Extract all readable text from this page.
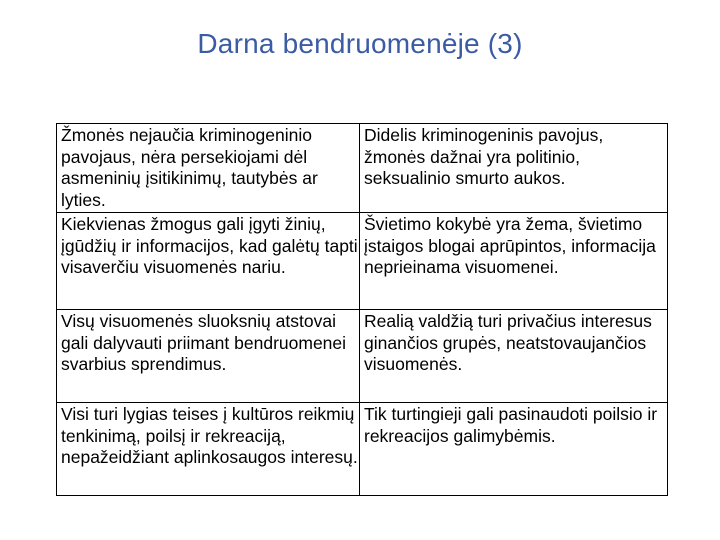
Darna bendruomenėje (3)
Žmonės nejaučia kriminogeninio pavojaus, nėra persekiojami dėl asmeninių įsitikinimų, tautybės ar lyties.	Didelis kriminogeninis pavojus, žmonės dažnai yra politinio, seksualinio smurto aukos.

Kiekvienas žmogus gali įgyti žinių, įgūdžių ir informacijos, kad galėtų tapti visaverčiu visuomenės nariu.	Švietimo kokybė yra žema, švietimo įstaigos blogai aprūpintos, informacija neprieinama visuomenei.

Visų visuomenės sluoksnių atstovai gali dalyvauti priimant bendruomenei svarbius sprendimus.	Realią valdžią turi privačius interesus ginančios grupės, neatstovaujančios visuomenės.

Visi turi lygias teises į kultūros reikmių tenkinimą, poilsį ir rekreaciją, nepažeidžiant aplinkosaugos interesų.	Tik turtingieji gali pasinaudoti poilsio ir rekreacijos galimybėmis.
